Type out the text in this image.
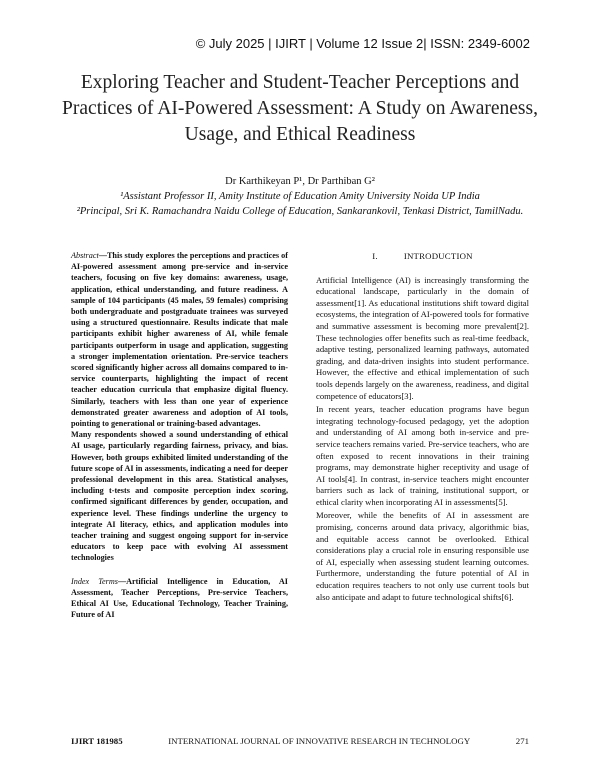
© July 2025 | IJIRT | Volume 12 Issue 2| ISSN: 2349-6002
Exploring Teacher and Student-Teacher Perceptions and Practices of AI-Powered Assessment: A Study on Awareness, Usage, and Ethical Readiness
Dr Karthikeyan P¹, Dr Parthiban G²
¹Assistant Professor II, Amity Institute of Education Amity University Noida UP India
²Principal, Sri K. Ramachandra Naidu College of Education, Sankarankovil, Tenkasi District, TamilNadu.

Abstract—This study explores the perceptions and practices of AI-powered assessment among pre-service and in-service teachers, focusing on five key domains: awareness, usage, application, ethical understanding, and future readiness. A sample of 104 participants (45 males, 59 females) comprising both undergraduate and postgraduate trainees was surveyed using a structured questionnaire. Results indicate that male participants exhibit higher awareness of AI, while female participants outperform in usage and application, suggesting a stronger implementation orientation. Pre-service teachers scored significantly higher across all domains compared to in-service counterparts, highlighting the impact of recent teacher education curricula that emphasize digital fluency. Similarly, teachers with less than one year of experience demonstrated greater awareness and adoption of AI tools, pointing to generational or training-based advantages.

Many respondents showed a sound understanding of ethical AI usage, particularly regarding fairness, privacy, and bias. However, both groups exhibited limited understanding of the future scope of AI in assessments, indicating a need for deeper professional development in this area. Statistical analyses, including t-tests and composite perception index scoring, confirmed significant differences by gender, occupation, and experience level. These findings underline the urgency to integrate AI literacy, ethics, and application modules into teacher training and suggest ongoing support for in-service educators to keep pace with evolving AI assessment technologies

Index Terms—Artificial Intelligence in Education, AI Assessment, Teacher Perceptions, Pre-service Teachers, Ethical AI Use, Educational Technology, Teacher Training, Future of AI

I.	INTRODUCTION

Artificial Intelligence (AI) is increasingly transforming the educational landscape, particularly in the domain of assessment[1]. As educational institutions shift toward digital ecosystems, the integration of AI-powered tools for formative and summative assessment is becoming more prevalent[2]. These technologies offer benefits such as real-time feedback, adaptive testing, personalized learning pathways, automated grading, and data-driven insights into student performance. However, the effective and ethical implementation of such tools depends largely on the awareness, readiness, and digital competence of educators[3].

In recent years, teacher education programs have begun integrating technology-focused pedagogy, yet the adoption and understanding of AI among both in-service and pre-service teachers remains varied. Pre-service teachers, who are often exposed to recent innovations in their training programs, may demonstrate higher receptivity and usage of AI tools[4]. In contrast, in-service teachers might encounter barriers such as lack of training, institutional support, or ethical clarity when incorporating AI in assessments[5].

Moreover, while the benefits of AI in assessment are promising, concerns around data privacy, algorithmic bias, and equitable access cannot be overlooked. Ethical considerations play a crucial role in ensuring responsible use of AI, especially when assessing student learning outcomes. Furthermore, understanding the future potential of AI in education requires teachers to not only use current tools but also anticipate and adapt to future technological shifts[6].

IJIRT 181985	INTERNATIONAL JOURNAL OF INNOVATIVE RESEARCH IN TECHNOLOGY	271
